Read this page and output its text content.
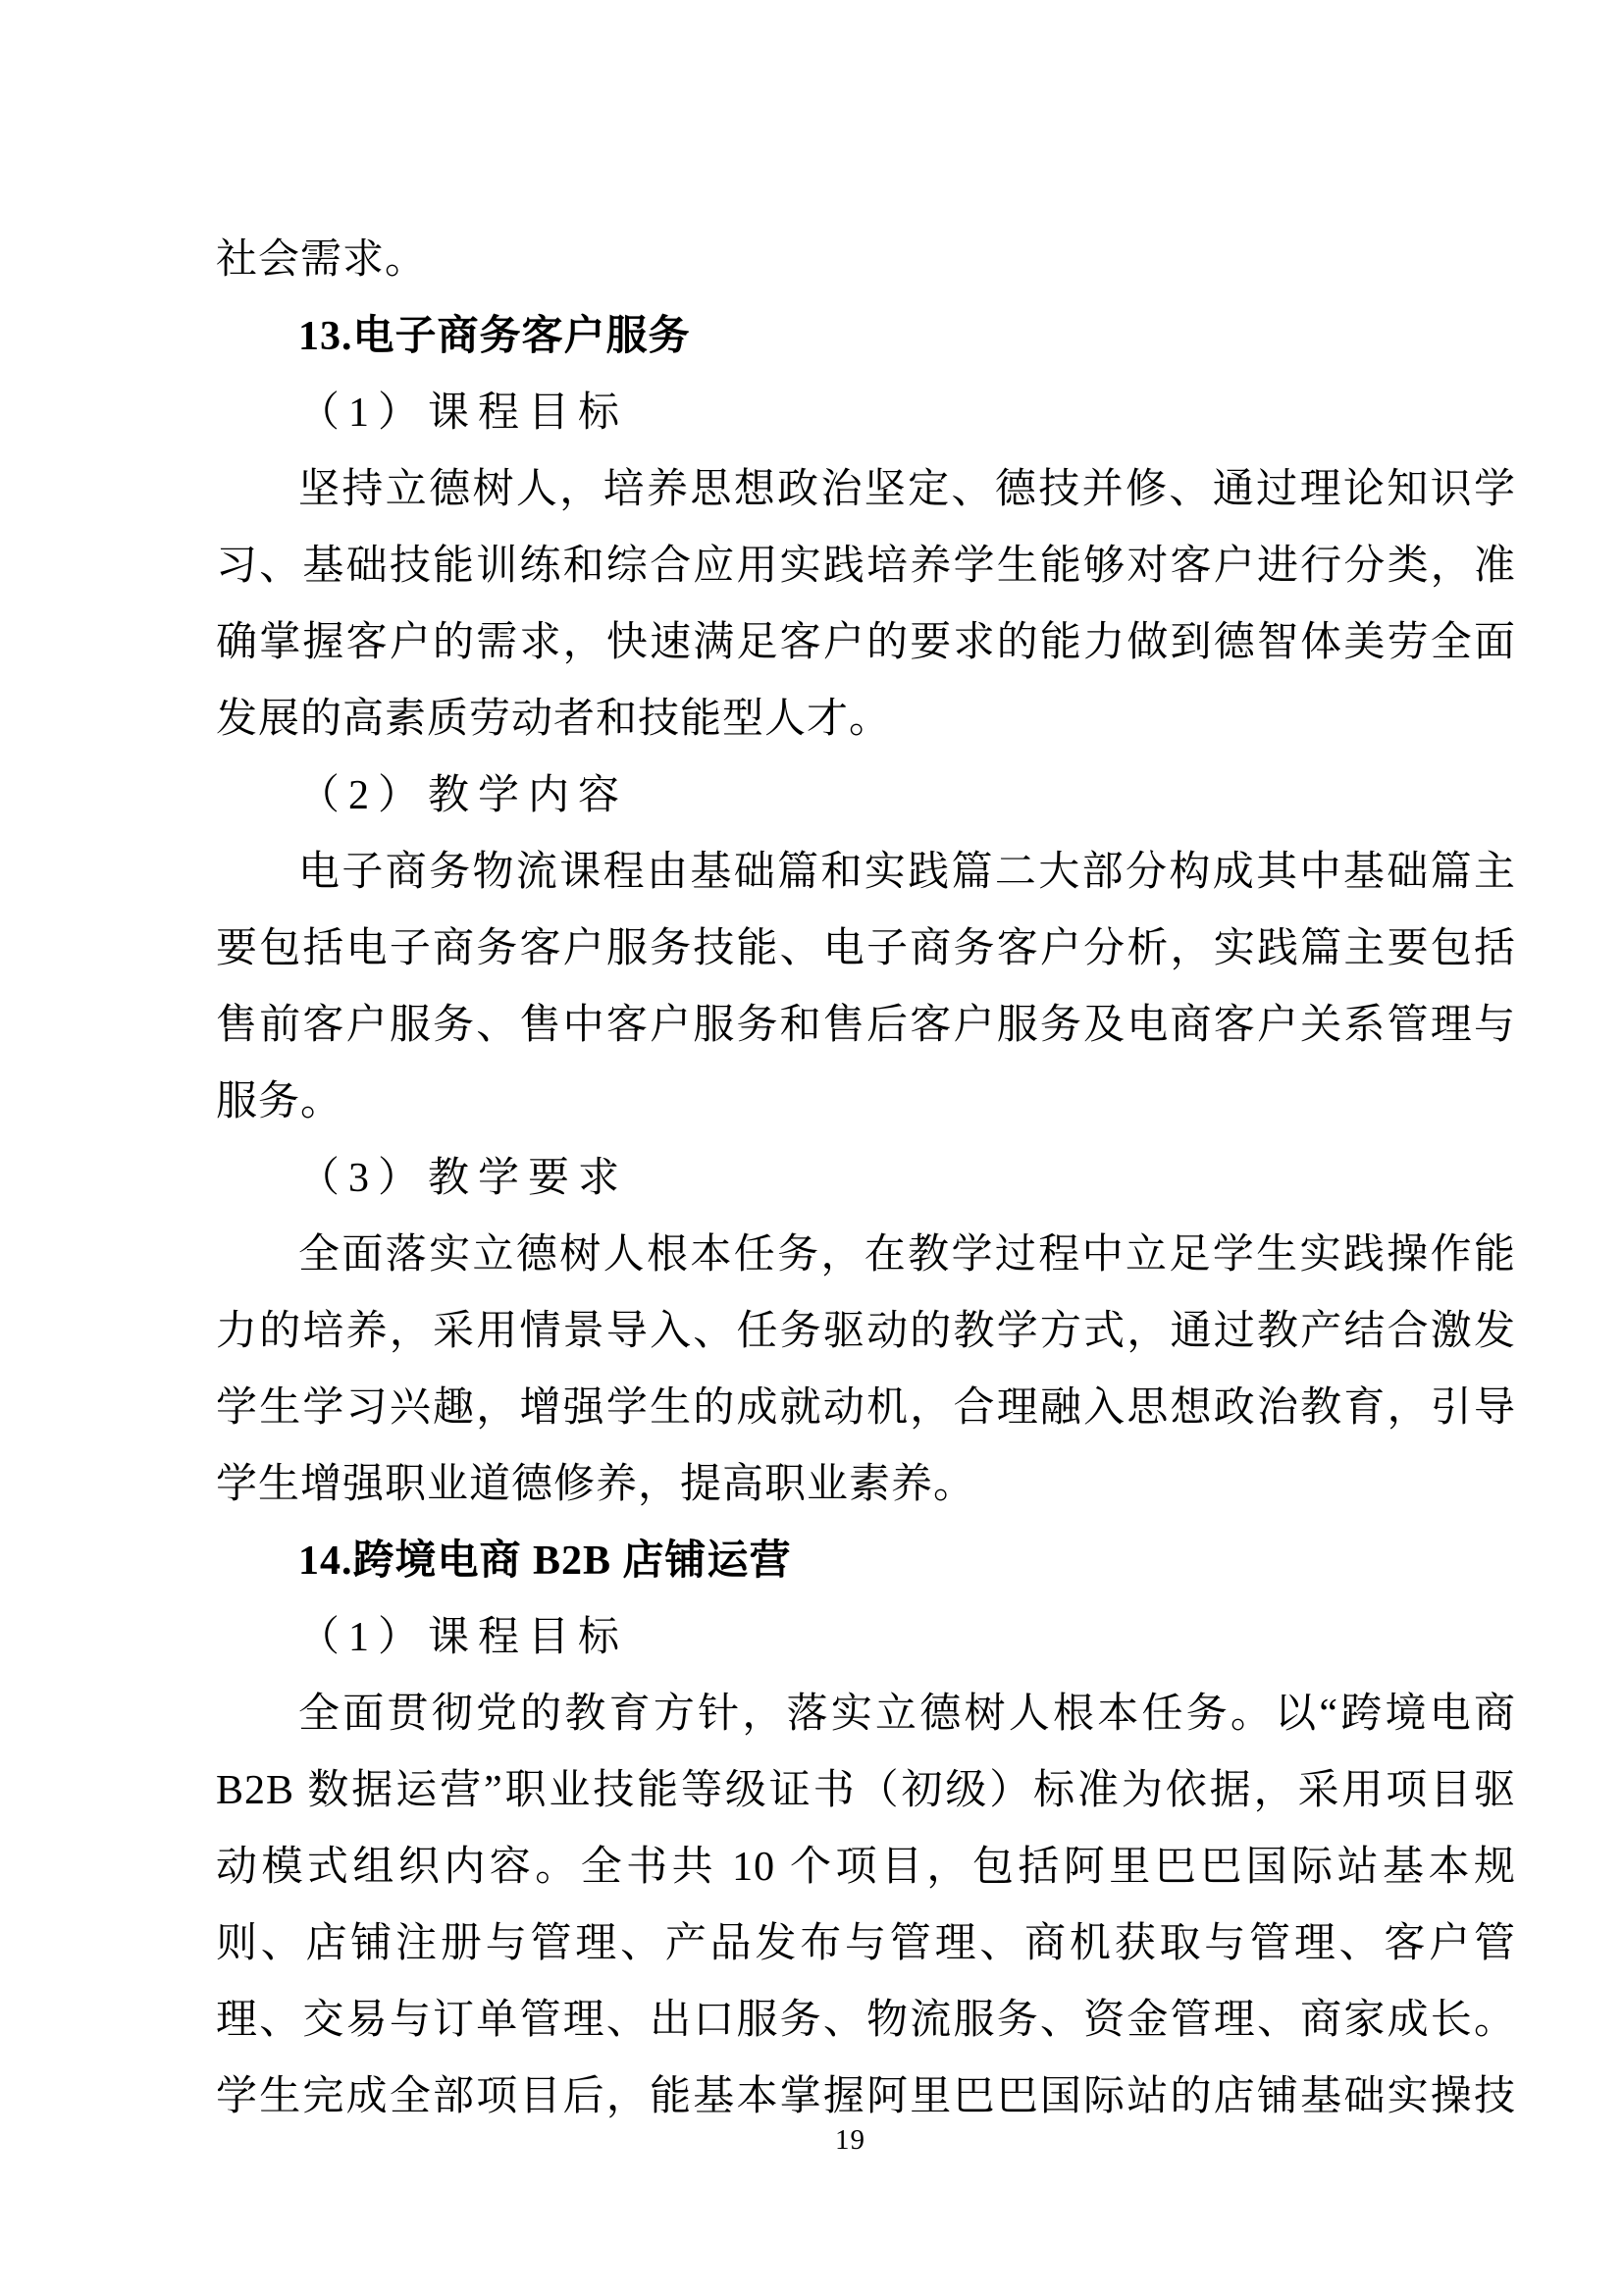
社会需求。
13.电子商务客户服务
（1）课程目标
坚持立德树人，培养思想政治坚定、德技并修、通过理论知识学
习、基础技能训练和综合应用实践培养学生能够对客户进行分类，准
确掌握客户的需求，快速满足客户的要求的能力做到德智体美劳全面
发展的高素质劳动者和技能型人才。
（2）教学内容
电子商务物流课程由基础篇和实践篇二大部分构成其中基础篇主
要包括电子商务客户服务技能、电子商务客户分析，实践篇主要包括
售前客户服务、售中客户服务和售后客户服务及电商客户关系管理与
服务。
（3）教学要求
全面落实立德树人根本任务，在教学过程中立足学生实践操作能
力的培养，采用情景导入、任务驱动的教学方式，通过教产结合激发
学生学习兴趣，增强学生的成就动机，合理融入思想政治教育，引导
学生增强职业道德修养，提高职业素养。
14.跨境电商 B2B 店铺运营
（1）课程目标
全面贯彻党的教育方针，落实立德树人根本任务。以“跨境电商
B2B 数据运营”职业技能等级证书（初级）标准为依据，采用项目驱
动模式组织内容。全书共 10 个项目，包括阿里巴巴国际站基本规
则、店铺注册与管理、产品发布与管理、商机获取与管理、客户管
理、交易与订单管理、出口服务、物流服务、资金管理、商家成长。
学生完成全部项目后，能基本掌握阿里巴巴国际站的店铺基础实操技
19
